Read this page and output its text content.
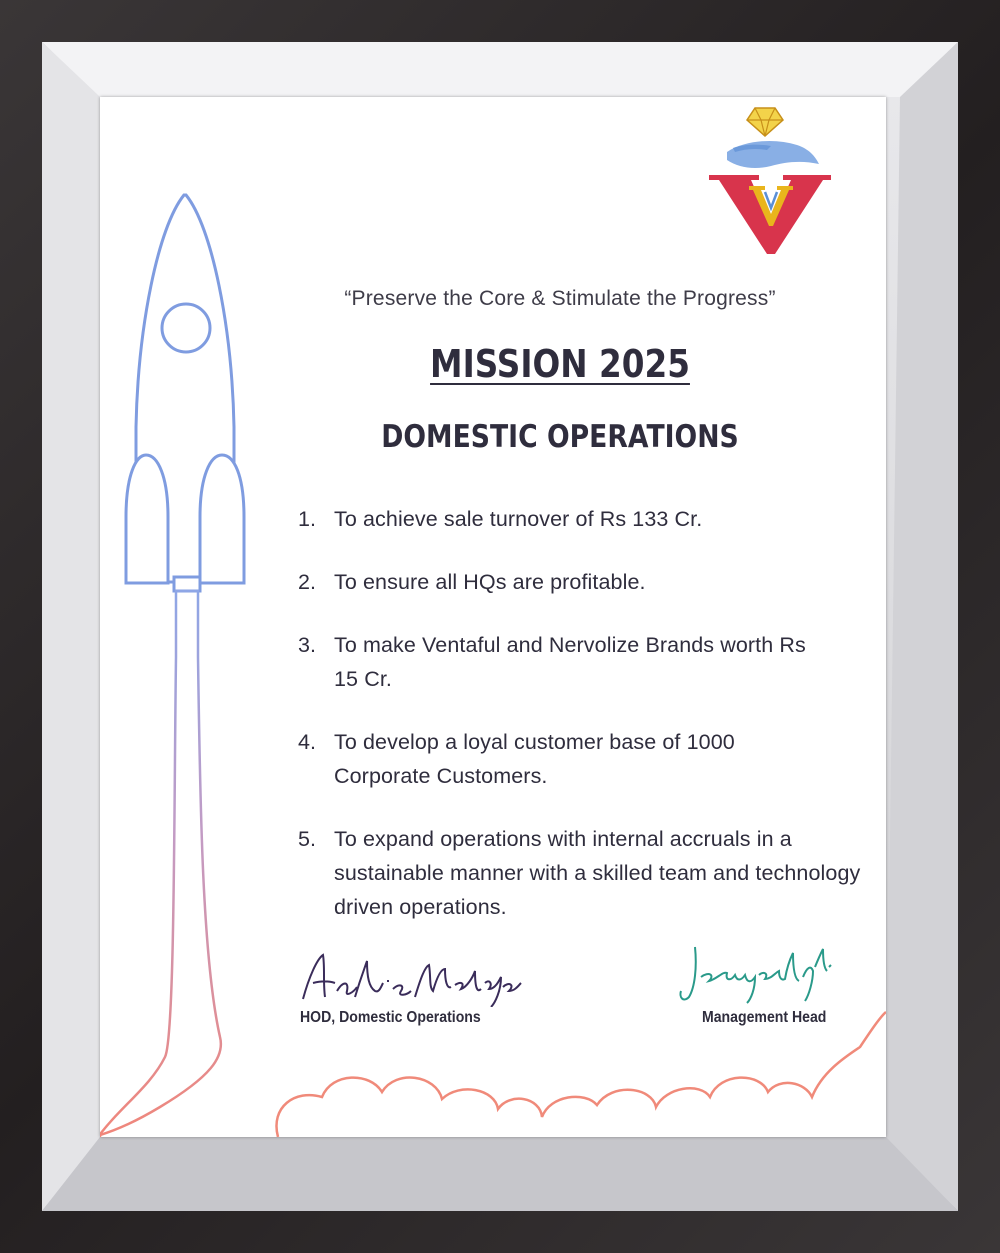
“Preserve the Core & Stimulate the Progress”
MISSION 2025
DOMESTIC OPERATIONS
1. To achieve sale turnover of Rs 133 Cr.
2. To ensure all HQs are profitable.
3. To make Ventaful and Nervolize Brands worth Rs 15 Cr.
4. To develop a loyal customer base of 1000 Corporate Customers.
5. To expand operations with internal accruals in a sustainable manner with a skilled team and technology driven operations.
HOD, Domestic Operations	Management Head
